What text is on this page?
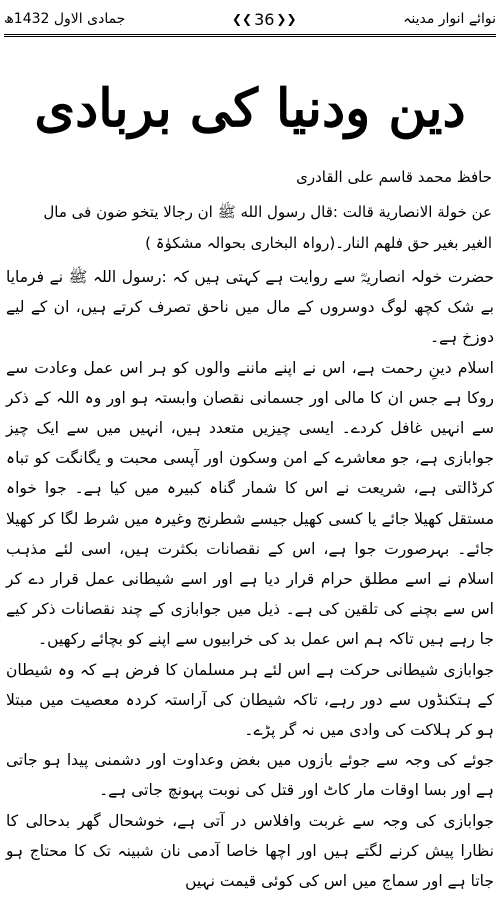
جمادی الاول 1432ھ	❮❮ 36 ❯❯	نوائے انوار مدینہ
دین ودنیا کی بربادی
حافظ محمد قاسم علی القادری
عن خولة الانصارية قالت :قال رسول الله ﷺ ان رجالا يتخو ضون فى مال
الغير بغير حق فلهم النار۔(رواہ البخاری بحوالہ مشکوٰۃ )

حضرت خولہ انصاریہؓ سے روایت ہے کہتی ہیں کہ :رسول اللہ ﷺ نے فرمایا بے شک کچھ لوگ دوسروں کے مال میں ناحق تصرف کرتے ہیں، ان کے لیے دوزخ ہے۔

اسلام دینِ رحمت ہے، اس نے اپنے ماننے والوں کو ہر اس عمل وعادت سے روکا ہے جس ان کا مالی اور جسمانی نقصان وابستہ ہو اور وہ اللہ کے ذکر سے انہیں غافل کردے۔ ایسی چیزیں متعدد ہیں، انہیں میں سے ایک چیز جوابازی ہے، جو معاشرے کے امن وسکون اور آپسی محبت و یگانگت کو تباہ کرڈالتی ہے، شریعت نے اس کا شمار گناہ کبیرہ میں کیا ہے۔ جوا خواہ مستقل کھیلا جائے یا کسی کھیل جیسے شطرنج وغیرہ میں شرط لگا کر کھیلا جائے۔ بہرصورت جوا ہے، اس کے نقصانات بکثرت ہیں، اسی لئے مذہب اسلام نے اسے مطلق حرام قرار دیا ہے اور اسے شیطانی عمل قرار دے کر اس سے بچنے کی تلقین کی ہے۔ ذیل میں جوابازی کے چند نقصانات ذکر کیے جا رہے ہیں تاکہ ہم اس عمل بد کی خرابیوں سے اپنے کو بچائے رکھیں۔

جوابازی شیطانی حرکت ہے اس لئے ہر مسلمان کا فرض ہے کہ وہ شیطان کے ہتکنڈوں سے دور رہے، تاکہ شیطان کی آراستہ کردہ معصیت میں مبتلا ہو کر ہلاکت کی وادی میں نہ گر پڑے۔

جوئے کی وجہ سے جوئے بازوں میں بغض وعداوت اور دشمنی پیدا ہو جاتی ہے اور بسا اوقات مار کاٹ اور قتل کی نوبت پہونچ جاتی ہے۔

جوابازی کی وجہ سے غربت وافلاس در آتی ہے، خوشحال گھر بدحالی کا نظارا پیش کرنے لگتے ہیں اور اچھا خاصا آدمی نان شبینہ تک کا محتاج ہو جاتا ہے اور سماج میں اس کی کوئی قیمت نہیں
